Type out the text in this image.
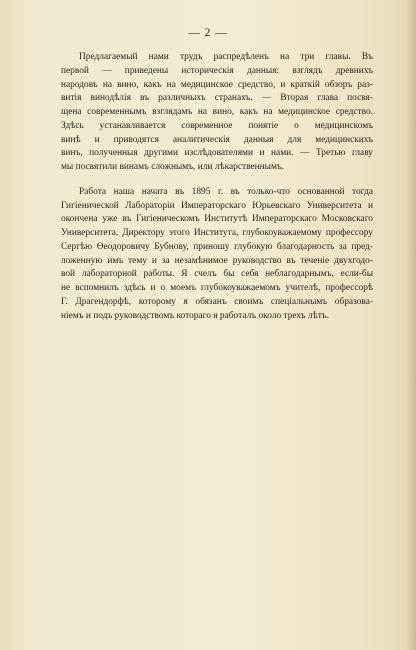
— 2 —
Предлагаемый нами трудъ распредѣленъ на три главы. Въ
первой — приведены историческія данныя: взглядъ древнихъ
народовъ на вино, какъ на медицинское средство, и краткій обзоръ раз-
витія винодѣлія въ различныхъ странахъ. — Вторая глава посвя-
щена современнымъ взглядамъ на вино, какъ на медицинское средство.
Здѣсь устанавливается современное понятіе о медицинскомъ
винѣ и приводятся аналитическія данныя для медицинскихъ
винъ, полученныя другими изслѣдователями и нами. — Третью главу
мы посвятили винамъ сложнымъ, или лѣкарственнымъ.
Работа наша начата въ 1895 г. въ только-что основанной тогда
Гигіенической Лабораторіи Императорскаго Юрьевскаго Университета и
окончена уже въ Гигіеническомъ Институтѣ Императорскаго Московскаго
Университета. Директору этого Института, глубокоуважаемому профессору
Сергѣю Өеодоровичу Бубнову, приношу глубокую благодарность за пред-
ложенную имъ тему и за незамѣнимое руководство въ теченіе двухгодо-
вой лабораторной работы. Я счелъ бы себя неблагодарнымъ, если-бы
не вспомнилъ здѣсь и о моемъ глубокоуважаемомъ учителѣ, профессорѣ
Г. Драгендорфѣ, которому я обязанъ своимъ спеціальнымъ образова-
ніемъ и подъ руководствомъ котораго я работалъ около трехъ лѣтъ.
